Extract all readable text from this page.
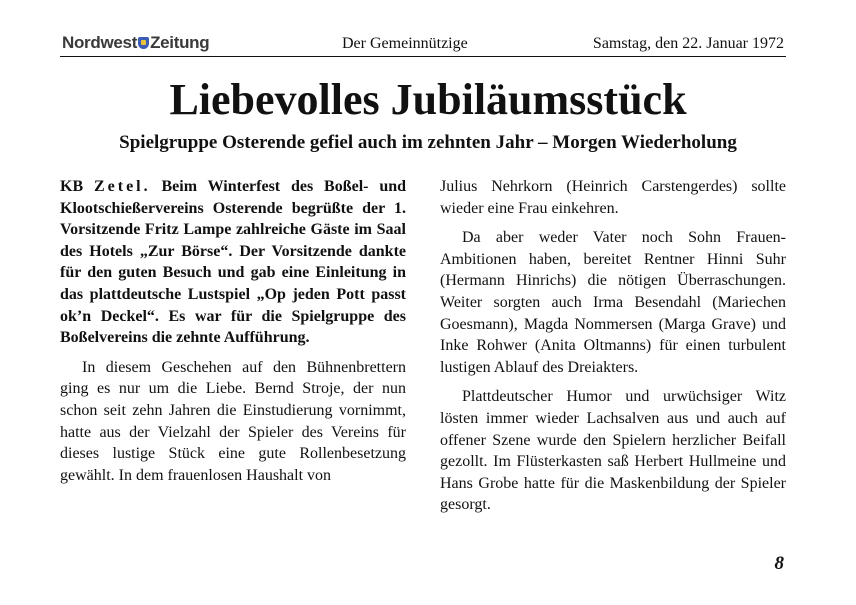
Nordwest Zeitung	Der Gemeinnützige	Samstag, den 22. Januar 1972
Liebevolles Jubiläumsstück
Spielgruppe Osterende gefiel auch im zehnten Jahr – Morgen Wiederholung

KB Zetel. Beim Winterfest des Boßel- und Klootschießervereins Osterende begrüßte der 1. Vorsitzende Fritz Lampe zahlreiche Gäste im Saal des Hotels „Zur Börse“. Der Vorsitzende dankte für den guten Besuch und gab eine Einleitung in das plattdeutsche Lustspiel „Op jeden Pott passt ok’n Deckel“. Es war für die Spielgruppe des Boßelvereins die zehnte Aufführung.

In diesem Geschehen auf den Bühnenbrettern ging es nur um die Liebe. Bernd Stroje, der nun schon seit zehn Jahren die Einstudierung vornimmt, hatte aus der Vielzahl der Spieler des Vereins für dieses lustige Stück eine gute Rollenbesetzung gewählt. In dem frauenlosen Haushalt von

Julius Nehrkorn (Heinrich Carstengerdes) sollte wieder eine Frau einkehren.

Da aber weder Vater noch Sohn Frauen-Ambitionen haben, bereitet Rentner Hinni Suhr (Hermann Hinrichs) die nötigen Überraschungen. Weiter sorgten auch Irma Besendahl (Mariechen Goesmann), Magda Nommersen (Marga Grave) und Inke Rohwer (Anita Oltmanns) für einen turbulent lustigen Ablauf des Dreiakters.

Plattdeutscher Humor und urwüchsiger Witz lösten immer wieder Lachsalven aus und auch auf offener Szene wurde den Spielern herzlicher Beifall gezollt. Im Flüsterkasten saß Herbert Hullmeine und Hans Grobe hatte für die Maskenbildung der Spieler gesorgt.

8
